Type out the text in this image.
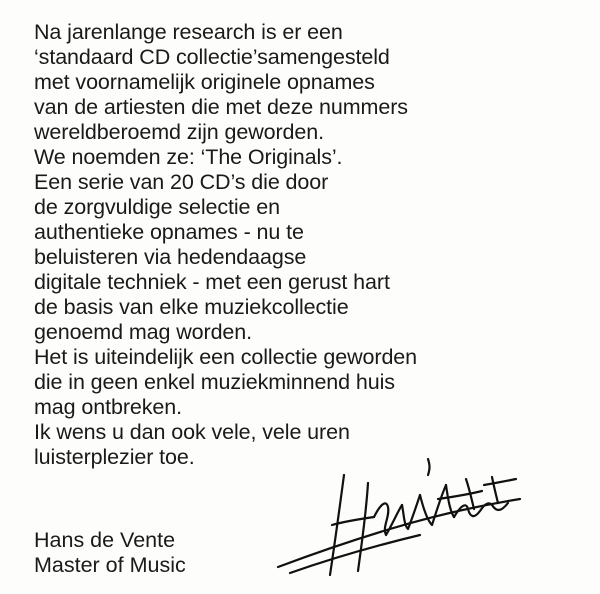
Na jarenlange research is er een
‘standaard CD collectie’samengesteld
met voornamelijk originele opnames
van de artiesten die met deze nummers
wereldberoemd zijn geworden.
We noemden ze: ‘The Originals’.
Een serie van 20 CD’s die door
de zorgvuldige selectie en
authentieke opnames - nu te
beluisteren via hedendaagse
digitale techniek - met een gerust hart
de basis van elke muziekcollectie
genoemd mag worden.
Het is uiteindelijk een collectie geworden
die in geen enkel muziekminnend huis
mag ontbreken.
Ik wens u dan ook vele, vele uren
luisterplezier toe.
Hans de Vente
Master of Music
